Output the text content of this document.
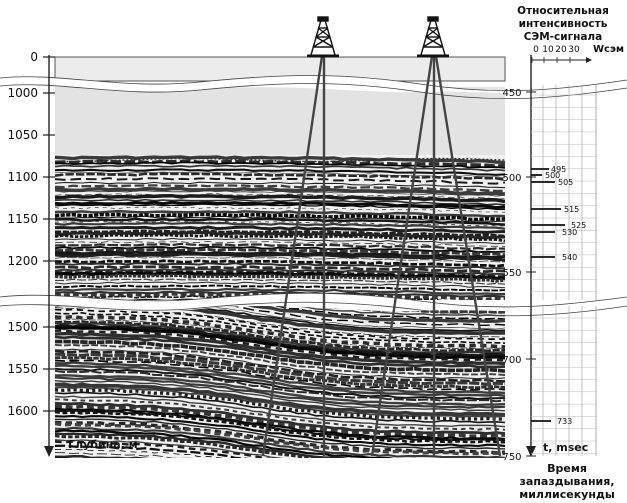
0
1000
1050
1100
1150
1200
1500
1550
1600
Глубина, м
450
500
550
700
750
t, msec
495
500
505
515
525
530
540
733
Относительная
интенсивность
СЭМ-сигнала
0 10 20 30 Wсэм
Время
запаздывания,
миллисекунды
